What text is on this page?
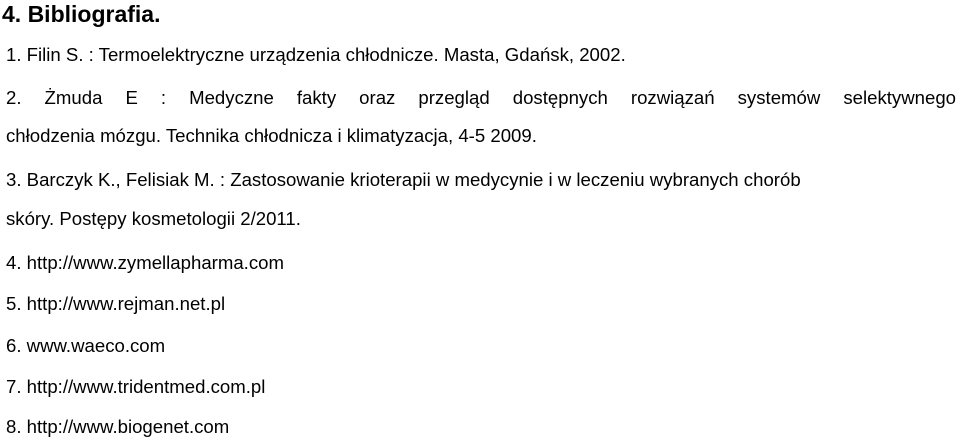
4. Bibliografia.
1. Filin S. : Termoelektryczne urządzenia chłodnicze. Masta, Gdańsk, 2002.
2. Żmuda E : Medyczne fakty oraz przegląd dostępnych rozwiązań systemów selektywnego
chłodzenia mózgu. Technika chłodnicza i klimatyzacja, 4-5 2009.
3. Barczyk K., Felisiak M. : Zastosowanie krioterapii w medycynie i w leczeniu wybranych chorób
skóry. Postępy kosmetologii 2/2011.
4. http://www.zymellapharma.com
5. http://www.rejman.net.pl
6. www.waeco.com
7. http://www.tridentmed.com.pl
8. http://www.biogenet.com
